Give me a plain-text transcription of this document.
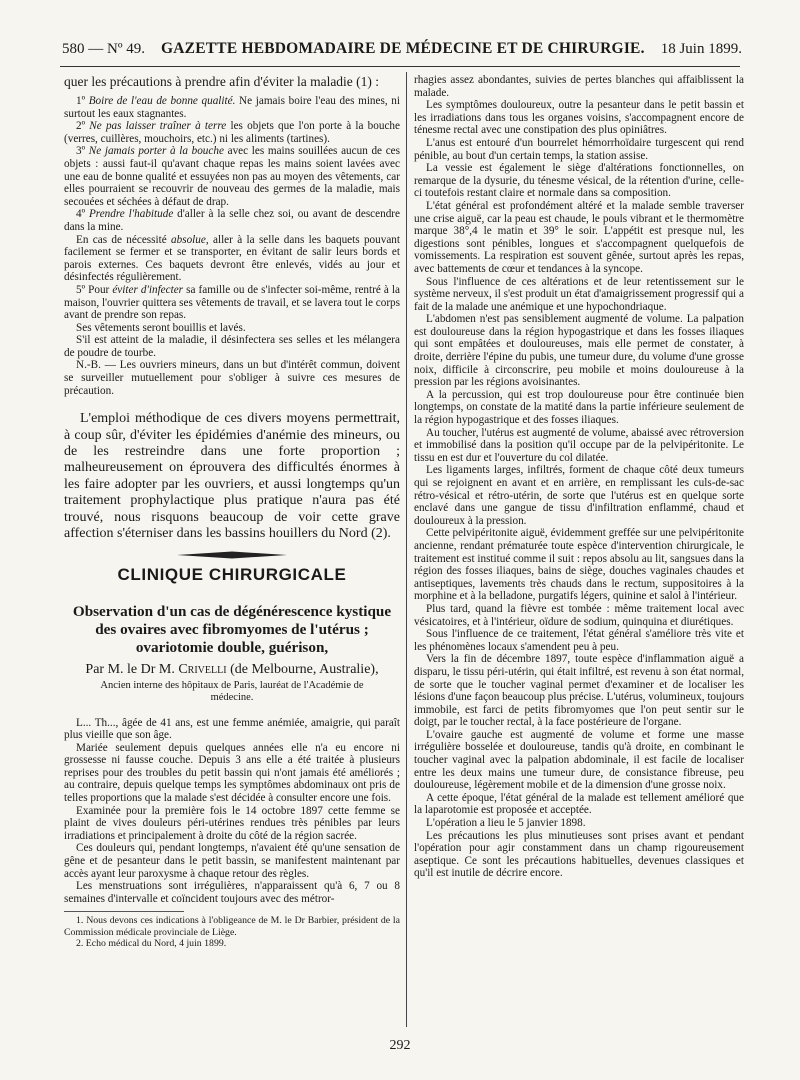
580 — Nº 49. GAZETTE HEBDOMADAIRE DE MÉDECINE ET DE CHIRURGIE. 18 Juin 1899.

quer les précautions à prendre afin d'éviter la maladie (1) :

1º Boire de l'eau de bonne qualité. Ne jamais boire l'eau des mines, ni surtout les eaux stagnantes.

2º Ne pas laisser traîner à terre les objets que l'on porte à la bouche (verres, cuillères, mouchoirs, etc.) ni les aliments (tartines).

3º Ne jamais porter à la bouche avec les mains souillées aucun de ces objets : aussi faut-il qu'avant chaque repas les mains soient lavées avec une eau de bonne qualité et essuyées non pas au moyen des vêtements, car elles pourraient se recouvrir de nouveau des germes de la maladie, mais secouées et séchées à défaut de drap.

4º Prendre l'habitude d'aller à la selle chez soi, ou avant de descendre dans la mine.

En cas de nécessité absolue, aller à la selle dans les baquets pouvant facilement se fermer et se transporter, en évitant de salir leurs bords et parois externes. Ces baquets devront être enlevés, vidés au jour et désinfectés régulièrement.

5º Pour éviter d'infecter sa famille ou de s'infecter soi-même, rentré à la maison, l'ouvrier quittera ses vêtements de travail, et se lavera tout le corps avant de prendre son repas.

Ses vêtements seront bouillis et lavés.

S'il est atteint de la maladie, il désinfectera ses selles et les mélangera de poudre de tourbe.

N.-B. — Les ouvriers mineurs, dans un but d'intérêt commun, doivent se surveiller mutuellement pour s'obliger à suivre ces mesures de précaution.

L'emploi méthodique de ces divers moyens permettrait, à coup sûr, d'éviter les épidémies d'anémie des mineurs, ou de les restreindre dans une forte proportion ; malheureusement on éprouvera des difficultés énormes à les faire adopter par les ouvriers, et aussi longtemps qu'un traitement prophylactique plus pratique n'aura pas été trouvé, nous risquons beaucoup de voir cette grave affection s'éterniser dans les bassins houillers du Nord (2).

CLINIQUE CHIRURGICALE
Observation d'un cas de dégénérescence kystique des ovaires avec fibromyomes de l'utérus ; ovariotomie double, guérison,
Par M. le Dr M. Crivelli (de Melbourne, Australie),
Ancien interne des hôpitaux de Paris, lauréat de l'Académie de médecine.

L... Th..., âgée de 41 ans, est une femme anémiée, amaigrie, qui paraît plus vieille que son âge.

Mariée seulement depuis quelques années elle n'a eu encore ni grossesse ni fausse couche. Depuis 3 ans elle a été traitée à plusieurs reprises pour des troubles du petit bassin qui n'ont jamais été améliorés ; au contraire, depuis quelque temps les symptômes abdominaux ont pris de telles proportions que la malade s'est décidée à consulter encore une fois.

Examinée pour la première fois le 14 octobre 1897 cette femme se plaint de vives douleurs péri-utérines rendues très pénibles par leurs irradiations et principalement à droite du côté de la région sacrée.

Ces douleurs qui, pendant longtemps, n'avaient été qu'une sensation de gêne et de pesanteur dans le petit bassin, se manifestent maintenant par accès ayant leur paroxysme à chaque retour des règles.

Les menstruations sont irrégulières, n'apparaissent qu'à 6, 7 ou 8 semaines d'intervalle et coïncident toujours avec des métror-

1. Nous devons ces indications à l'obligeance de M. le Dr Barbier, président de la Commission médicale provinciale de Liège.

2. Echo médical du Nord, 4 juin 1899.

rhagies assez abondantes, suivies de pertes blanches qui affaiblissent la malade.

Les symptômes douloureux, outre la pesanteur dans le petit bassin et les irradiations dans tous les organes voisins, s'accompagnent encore de ténesme rectal avec une constipation des plus opiniâtres.

L'anus est entouré d'un bourrelet hémorrhoïdaire turgescent qui rend pénible, au bout d'un certain temps, la station assise.

La vessie est également le siège d'altérations fonctionnelles, on remarque de la dysurie, du ténesme vésical, de la rétention d'urine, celle-ci toutefois restant claire et normale dans sa composition.

L'état général est profondément altéré et la malade semble traverser une crise aiguë, car la peau est chaude, le pouls vibrant et le thermomètre marque 38°,4 le matin et 39° le soir. L'appétit est presque nul, les digestions sont pénibles, longues et s'accompagnent quelquefois de vomissements. La respiration est souvent gênée, surtout après les repas, avec battements de cœur et tendances à la syncope.

Sous l'influence de ces altérations et de leur retentissement sur le système nerveux, il s'est produit un état d'amaigrissement progressif qui a fait de la malade une anémique et une hypochondriaque.

L'abdomen n'est pas sensiblement augmenté de volume. La palpation est douloureuse dans la région hypogastrique et dans les fosses iliaques qui sont empâtées et douloureuses, mais elle permet de constater, à droite, derrière l'épine du pubis, une tumeur dure, du volume d'une grosse noix, difficile à circonscrire, peu mobile et moins douloureuse à la pression par les régions avoisinantes.

A la percussion, qui est trop douloureuse pour être continuée bien longtemps, on constate de la matité dans la partie inférieure seulement de la région hypogastrique et des fosses iliaques.

Au toucher, l'utérus est augmenté de volume, abaissé avec rétroversion et immobilisé dans la position qu'il occupe par de la pelvipéritonite. Le tissu en est dur et l'ouverture du col dilatée.

Les ligaments larges, infiltrés, forment de chaque côté deux tumeurs qui se rejoignent en avant et en arrière, en remplissant les culs-de-sac rétro-vésical et rétro-utérin, de sorte que l'utérus est en quelque sorte enclavé dans une gangue de tissu d'infiltration enflammé, chaud et douloureux à la pression.

Cette pelvipéritonite aiguë, évidemment greffée sur une pelvipéritonite ancienne, rendant prématurée toute espèce d'intervention chirurgicale, le traitement est institué comme il suit : repos absolu au lit, sangsues dans la région des fosses iliaques, bains de siège, douches vaginales chaudes et antiseptiques, lavements très chauds dans le rectum, suppositoires à la morphine et à la belladone, purgatifs légers, quinine et salol à l'intérieur.

Plus tard, quand la fièvre est tombée : même traitement local avec vésicatoires, et à l'intérieur, oïdure de sodium, quinquina et diurétiques.

Sous l'influence de ce traitement, l'état général s'améliore très vite et les phénomènes locaux s'amendent peu à peu.

Vers la fin de décembre 1897, toute espèce d'inflammation aiguë a disparu, le tissu péri-utérin, qui était infiltré, est revenu à son état normal, de sorte que le toucher vaginal permet d'examiner et de localiser les lésions d'une façon beaucoup plus précise. L'utérus, volumineux, toujours immobile, est farci de petits fibromyomes que l'on peut sentir sur le doigt, par le toucher rectal, à la face postérieure de l'organe.

L'ovaire gauche est augmenté de volume et forme une masse irrégulière bosselée et douloureuse, tandis qu'à droite, en combinant le toucher vaginal avec la palpation abdominale, il est facile de localiser entre les deux mains une tumeur dure, de consistance fibreuse, peu douloureuse, légèrement mobile et de la dimension d'une grosse noix.

A cette époque, l'état général de la malade est tellement amélioré que la laparotomie est proposée et acceptée.

L'opération a lieu le 5 janvier 1898.

Les précautions les plus minutieuses sont prises avant et pendant l'opération pour agir constamment dans un champ rigoureusement aseptique. Ce sont les précautions habituelles, devenues classiques et qu'il est inutile de décrire encore.

292
